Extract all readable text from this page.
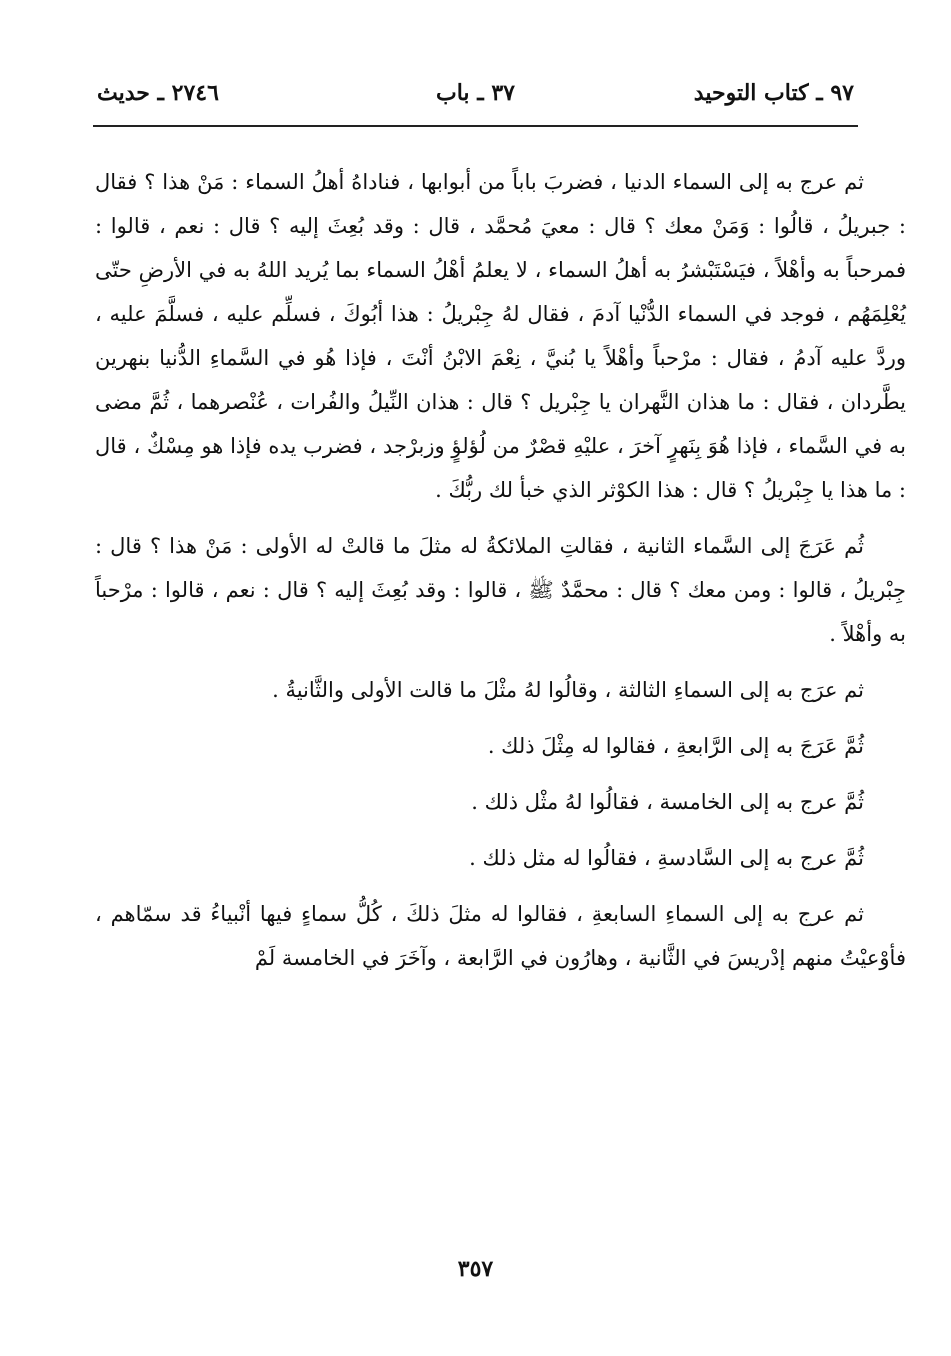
٩٧ ـ كتاب التوحيد
٣٧ ـ باب
٢٧٤٦ ـ حديث

ثم عرج به إلى السماء الدنيا ، فضربَ باباً من أبوابها ، فناداهُ أهلُ السماء : مَنْ هذا ؟ فقال : جبريلُ ، قالُوا : وَمَنْ معك ؟ قال : معيَ مُحمَّد ، قال : وقد بُعِثَ إليه ؟ قال : نعم ، قالوا : فمرحباً به وأهْلاً ، فيَسْتَبْشرُ به أهلُ السماء ، لا يعلمُ أهْلُ السماء بما يُريد اللهُ به في الأرضِ حتّى يُعْلِمَهُم ، فوجد في السماء الدُّنْيا آدمَ ، فقال لهُ جِبْريلُ : هذا أبُوكَ ، فسلِّم عليه ، فسلَّمَ عليه ، وردَّ عليه آدمُ ، فقال : مرْحباً وأهْلاً يا بُنيَّ ، نِعْمَ الابْنُ أنْتَ ، فإذا هُو في السَّماءِ الدُّنيا بنهرين يطَّردان ، فقال : ما هذان النَّهران يا جِبْريل ؟ قال : هذان النِّيلُ والفُرات ، عُنْصرهما ، ثُمَّ مضى به في السَّماء ، فإذا هُوَ بِنَهرٍ آخرَ ، عليْهِ قصْرٌ من لُؤلؤٍ وزبرْجد ، فضرب يده فإذا هو مِسْكٌ ، قال : ما هذا يا جِبْريلُ ؟ قال : هذا الكوْثر الذي خبأ لك ربُّكَ .

ثُم عَرَجَ إلى السَّماء الثانية ، فقالتِ الملائكةُ له مثلَ ما قالتْ له الأولى : مَنْ هذا ؟ قال : جِبْريلُ ، قالوا : ومن معك ؟ قال : محمَّدٌ ﷺ ، قالوا : وقد بُعِثَ إليه ؟ قال : نعم ، قالوا : مرْحباً به وأهْلاً .

ثم عرَج به إلى السماءِ الثالثة ، وقالُوا لهُ مثْلَ ما قالت الأولى والثَّانيةُ .

ثُمَّ عَرَجَ به إلى الرَّابعةِ ، فقالوا له مِثْلَ ذلك .

ثُمَّ عرج به إلى الخامسة ، فقالُوا لهُ مثْل ذلك .

ثُمَّ عرج به إلى السَّادسةِ ، فقالُوا له مثل ذلك .

ثم عرج به إلى السماءِ السابعةِ ، فقالوا له مثلَ ذلكَ ، كُلُّ سماءٍ فيها أنْبياءُ قد سمّاهم ، فأوْعيْتُ منهم إدْريسَ في الثَّانية ، وهارُون في الرَّابعة ، وآخَرَ في الخامسة لَمْ

٣٥٧
